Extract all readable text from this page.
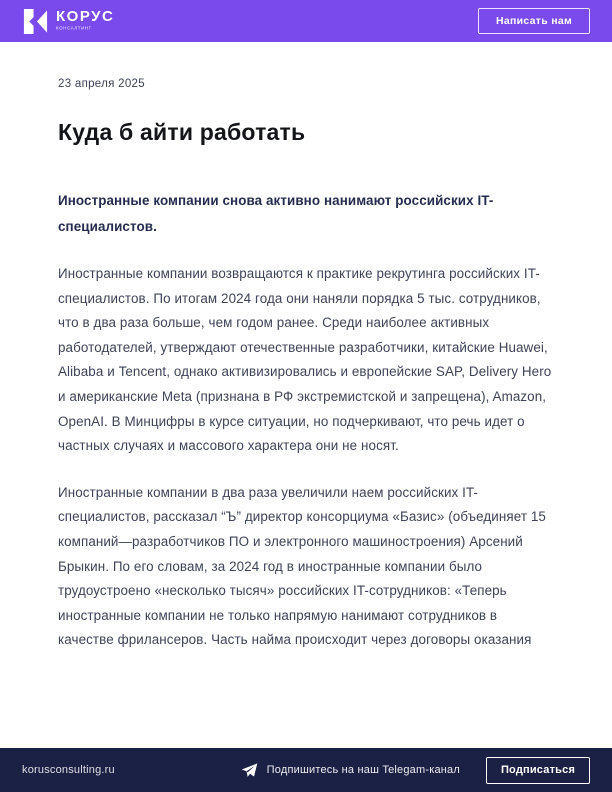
КОРУС
КОНСАЛТИНГ
Написать нам
23 апреля 2025
Куда б айти работать

Иностранные компании снова активно нанимают российских IT-специалистов.

Иностранные компании возвращаются к практике рекрутинга российских IT-специалистов. По итогам 2024 года они наняли порядка 5 тыс. сотрудников, что в два раза больше, чем годом ранее. Среди наиболее активных работодателей, утверждают отечественные разработчики, китайские Huawei, Alibaba и Tencent, однако активизировались и европейские SAP, Delivery Hero и американские Meta (признана в РФ экстремистской и запрещена), Amazon, OpenAI. В Минцифры в курсе ситуации, но подчеркивают, что речь идет о частных случаях и массового характера они не носят.

Иностранные компании в два раза увеличили наем российских IT-специалистов, рассказал “Ъ” директор консорциума «Базис» (объединяет 15 компаний—разработчиков ПО и электронного машиностроения) Арсений Брыкин. По его словам, за 2024 год в иностранные компании было трудоустроено «несколько тысяч» российских IT-сотрудников: «Теперь иностранные компании не только напрямую нанимают сотрудников в качестве фрилансеров. Часть найма происходит через договоры оказания

korusconsulting.ru	Подпишитесь на наш Telegam-канал	Подписаться
